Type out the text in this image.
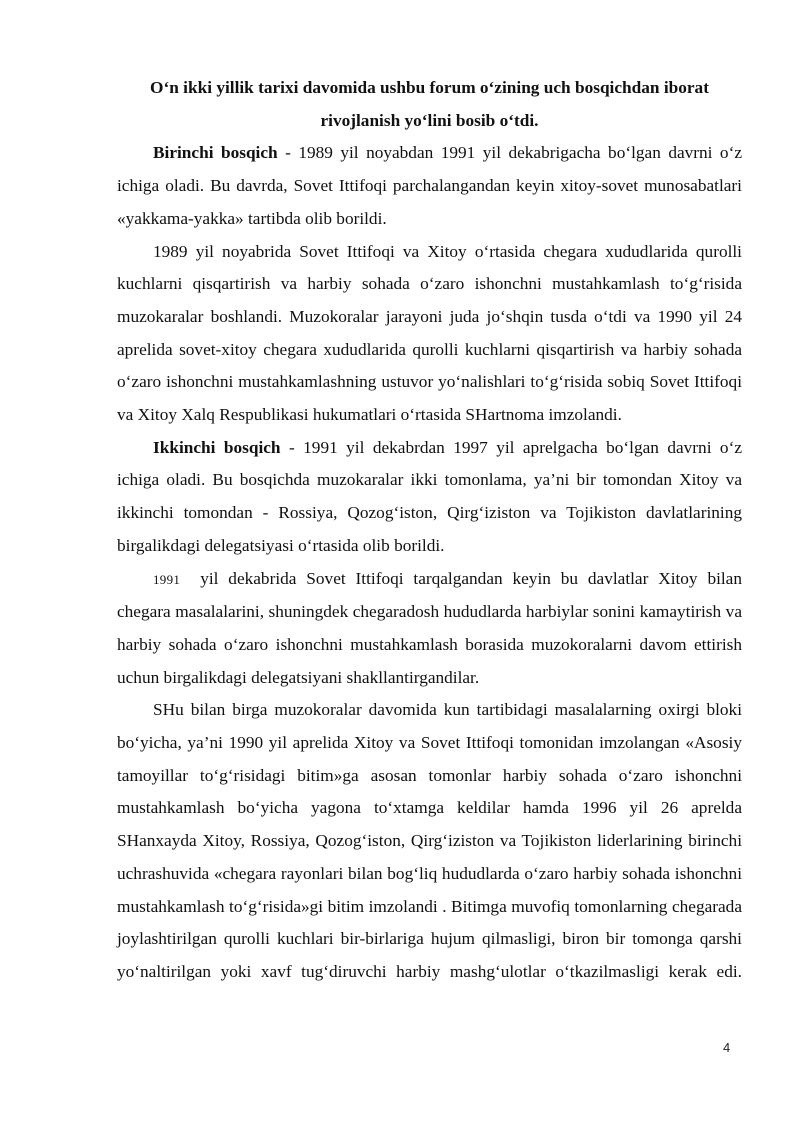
O‘n ikki yillik tarixi davomida ushbu forum o‘zining uch bosqichdan iborat rivojlanish yo‘lini bosib o‘tdi.

Birinchi bosqich - 1989 yil noyabdan 1991 yil dekabrigacha bo‘lgan davrni o‘z ichiga oladi. Bu davrda, Sovet Ittifoqi parchalangandan keyin xitoy-sovet munosabatlari «yakkama-yakka» tartibda olib borildi.

1989 yil noyabrida Sovet Ittifoqi va Xitoy o‘rtasida chegara xududlarida qurolli kuchlarni qisqartirish va harbiy sohada o‘zaro ishonchni mustahkamlash to‘g‘risida muzokaralar boshlandi. Muzokoralar jarayoni juda jo‘shqin tusda o‘tdi va 1990 yil 24 aprelida sovet-xitoy chegara xududlarida qurolli kuchlarni qisqartirish va harbiy sohada o‘zaro ishonchni mustahkamlashning ustuvor yo‘nalishlari to‘g‘risida sobiq Sovet Ittifoqi va Xitoy Xalq Respublikasi hukumatlari o‘rtasida SHartnoma imzolandi.

Ikkinchi bosqich - 1991 yil dekabrdan 1997 yil aprelgacha bo‘lgan davrni o‘z ichiga oladi. Bu bosqichda muzokaralar ikki tomonlama, ya’ni bir tomondan Xitoy va ikkinchi tomondan - Rossiya, Qozog‘iston, Qirg‘iziston va Tojikiston davlatlarining birgalikdagi delegatsiyasi o‘rtasida olib borildi.

1991 yil dekabrida Sovet Ittifoqi tarqalgandan keyin bu davlatlar Xitoy bilan chegara masalalarini, shuningdek chegaradosh hududlarda harbiylar sonini kamaytirish va harbiy sohada o‘zaro ishonchni mustahkamlash borasida muzokoralarni davom ettirish uchun birgalikdagi delegatsiyani shakllantirgandilar.

SHu bilan birga muzokoralar davomida kun tartibidagi masalalarning oxirgi bloki bo‘yicha, ya’ni 1990 yil aprelida Xitoy va Sovet Ittifoqi tomonidan imzolangan «Asosiy tamoyillar to‘g‘risidagi bitim»ga asosan tomonlar harbiy sohada o‘zaro ishonchni mustahkamlash bo‘yicha yagona to‘xtamga keldilar hamda 1996 yil 26 aprelda SHanxayda Xitoy, Rossiya, Qozog‘iston, Qirg‘iziston va Tojikiston liderlarining birinchi uchrashuvida «chegara rayonlari bilan bog‘liq hududlarda o‘zaro harbiy sohada ishonchni mustahkamlash to‘g‘risida»gi bitim imzolandi . Bitimga muvofiq tomonlarning chegarada joylashtirilgan qurolli kuchlari bir-birlariga hujum qilmasligi, biron bir tomonga qarshi yo‘naltirilgan yoki xavf tug‘diruvchi harbiy mashg‘ulotlar o‘tkazilmasligi kerak edi.

4
